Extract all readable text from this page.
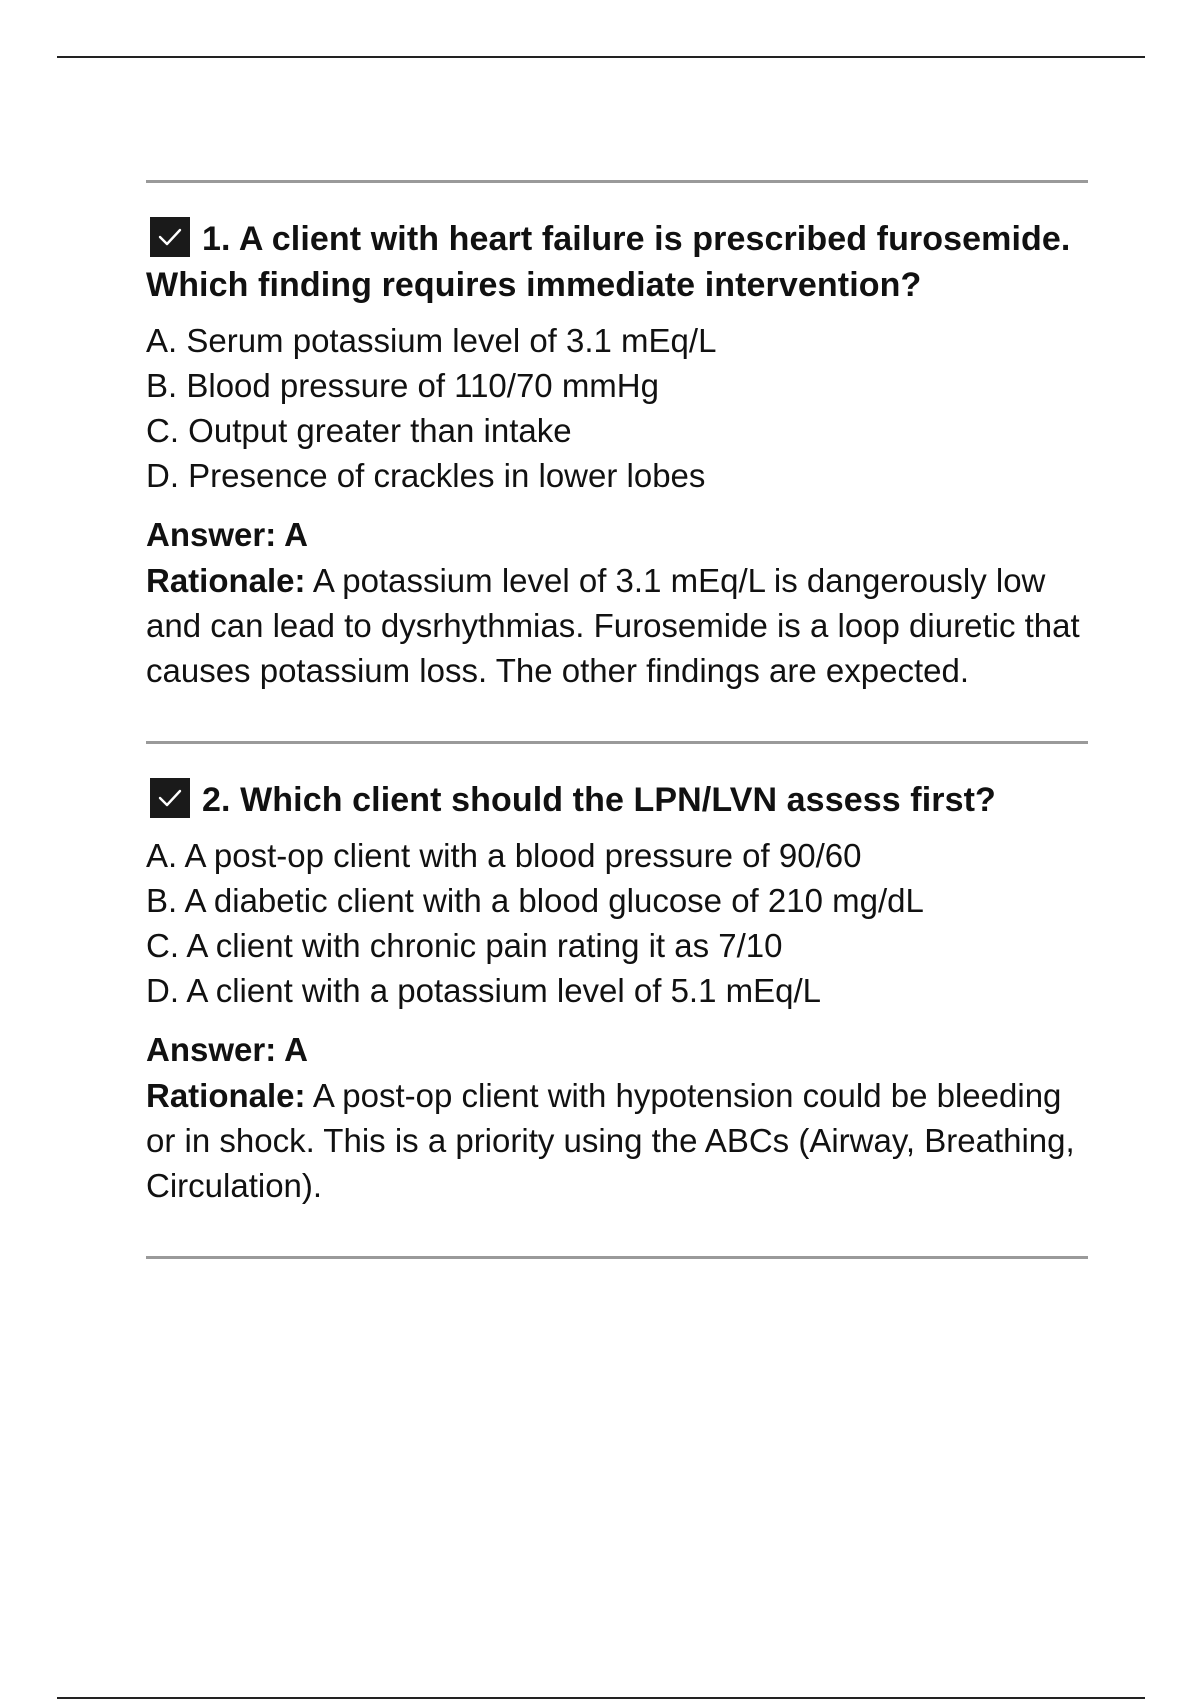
1. A client with heart failure is prescribed furosemide. Which finding requires immediate intervention?

A. Serum potassium level of 3.1 mEq/L
B. Blood pressure of 110/70 mmHg
C. Output greater than intake
D. Presence of crackles in lower lobes
Answer: A
Rationale: A potassium level of 3.1 mEq/L is dangerously low and can lead to dysrhythmias. Furosemide is a loop diuretic that causes potassium loss. The other findings are expected.

2. Which client should the LPN/LVN assess first?

A. A post-op client with a blood pressure of 90/60
B. A diabetic client with a blood glucose of 210 mg/dL
C. A client with chronic pain rating it as 7/10
D. A client with a potassium level of 5.1 mEq/L
Answer: A
Rationale: A post-op client with hypotension could be bleeding or in shock. This is a priority using the ABCs (Airway, Breathing, Circulation).
